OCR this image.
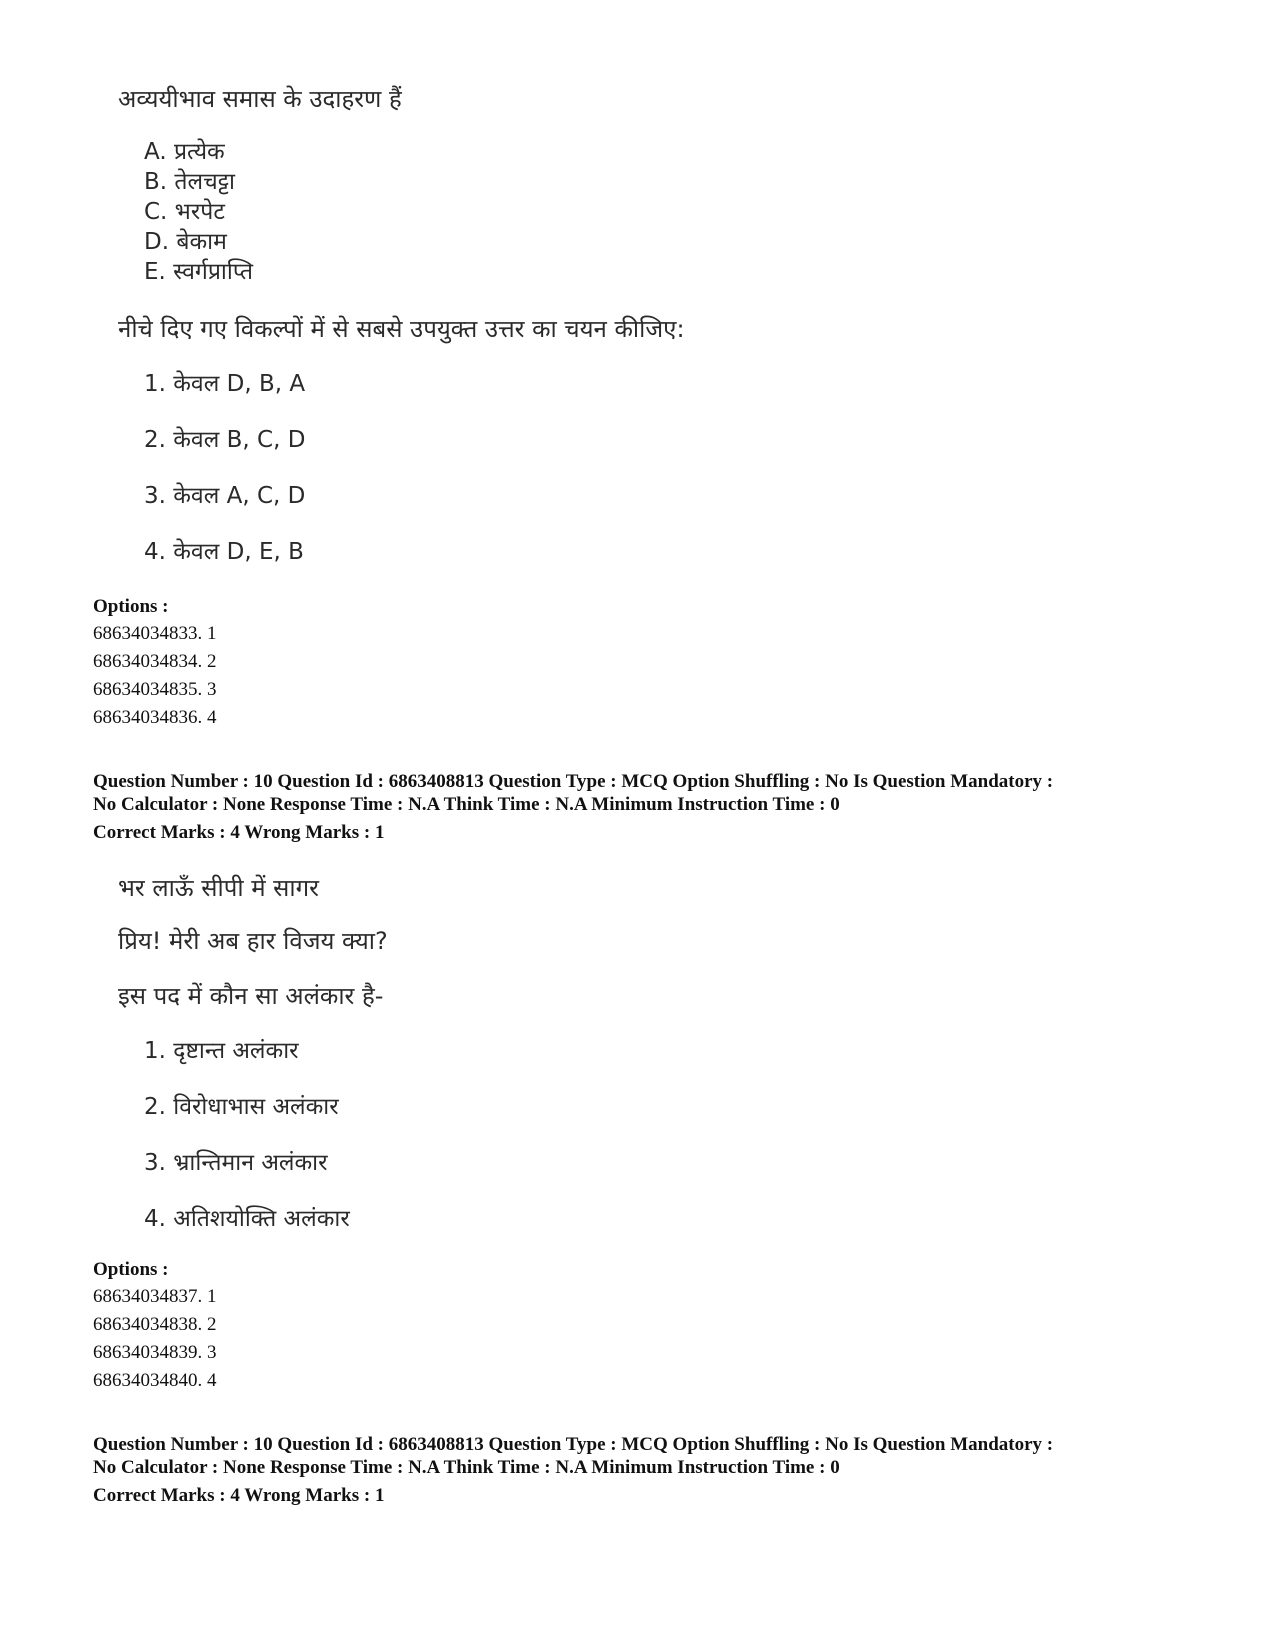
अव्ययीभाव समास के उदाहरण हैं
A. प्रत्येक
B. तेलचट्टा
C. भरपेट
D. बेकाम
E. स्वर्गप्राप्ति
नीचे दिए गए विकल्पों में से सबसे उपयुक्त उत्तर का चयन कीजिए:
1. केवल D, B, A
2. केवल B, C, D
3. केवल A, C, D
4. केवल D, E, B
Options :
68634034833. 1
68634034834. 2
68634034835. 3
68634034836. 4
Question Number : 10 Question Id : 6863408813 Question Type : MCQ Option Shuffling : No Is Question Mandatory :
No Calculator : None Response Time : N.A Think Time : N.A Minimum Instruction Time : 0
Correct Marks : 4 Wrong Marks : 1
भर लाऊँ सीपी में सागर
प्रिय! मेरी अब हार विजय क्या?
इस पद में कौन सा अलंकार है-
1. दृष्टान्त अलंकार
2. विरोधाभास अलंकार
3. भ्रान्तिमान अलंकार
4. अतिशयोक्ति अलंकार
Options :
68634034837. 1
68634034838. 2
68634034839. 3
68634034840. 4
Question Number : 10 Question Id : 6863408813 Question Type : MCQ Option Shuffling : No Is Question Mandatory :
No Calculator : None Response Time : N.A Think Time : N.A Minimum Instruction Time : 0
Correct Marks : 4 Wrong Marks : 1
